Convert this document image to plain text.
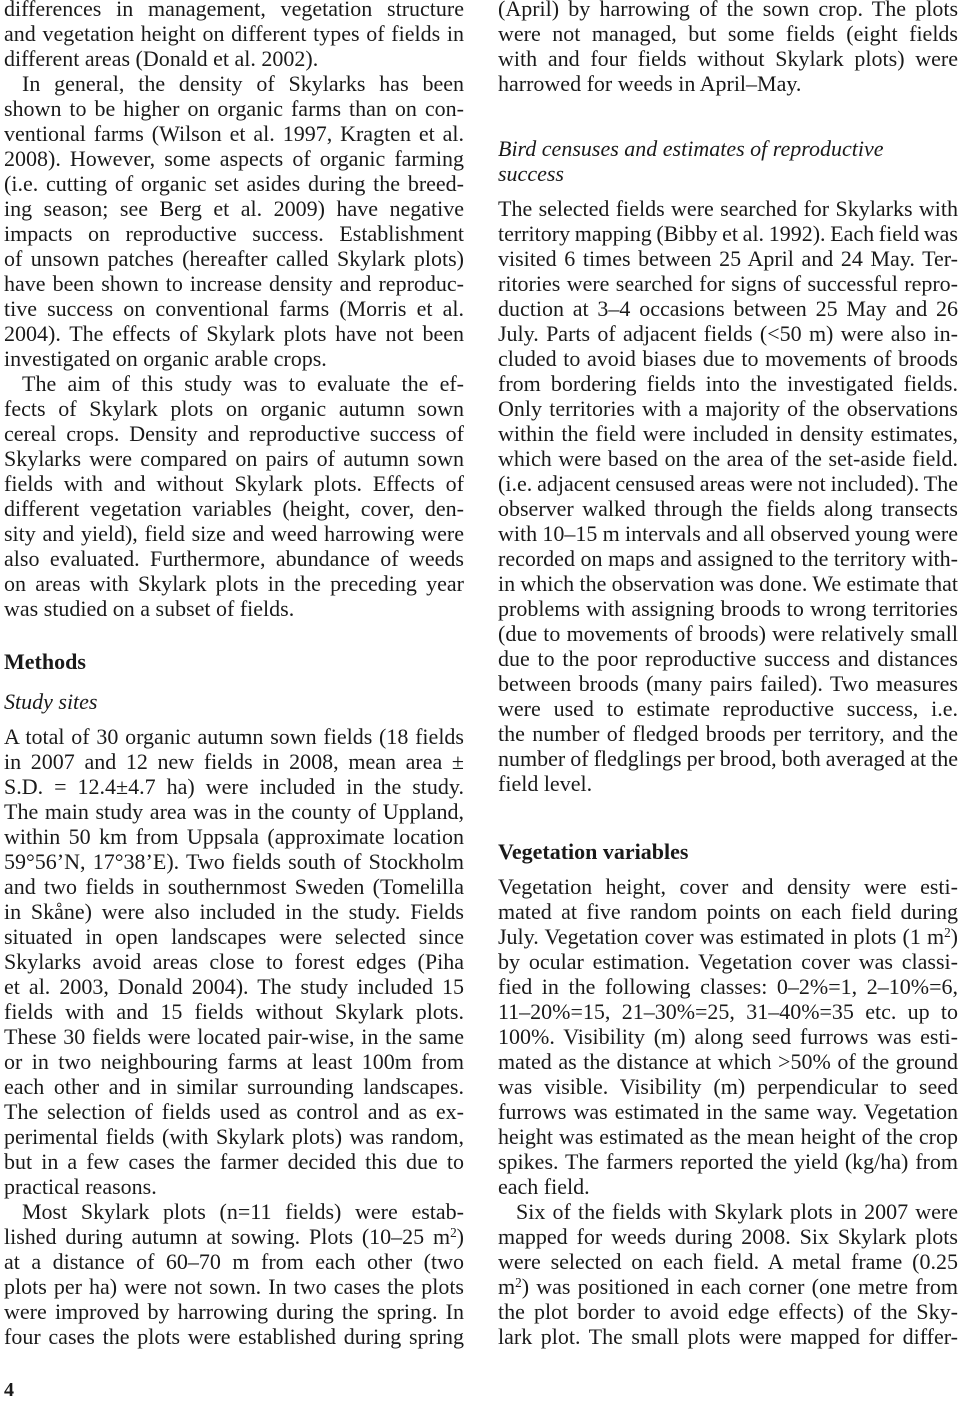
differences in management, vegetation structure
and vegetation height on different types of fields in
different areas (Donald et al. 2002).
In general, the density of Skylarks has been
shown to be higher on organic farms than on con-
ventional farms (Wilson et al. 1997, Kragten et al.
2008). However, some aspects of organic farming
(i.e. cutting of organic set asides during the breed-
ing season; see Berg et al. 2009) have negative
impacts on reproductive success. Establishment
of unsown patches (hereafter called Skylark plots)
have been shown to increase density and reproduc-
tive success on conventional farms (Morris et al.
2004). The effects of Skylark plots have not been
investigated on organic arable crops.
The aim of this study was to evaluate the ef-
fects of Skylark plots on organic autumn sown
cereal crops. Density and reproductive success of
Skylarks were compared on pairs of autumn sown
fields with and without Skylark plots. Effects of
different vegetation variables (height, cover, den-
sity and yield), field size and weed harrowing were
also evaluated. Furthermore, abundance of weeds
on areas with Skylark plots in the preceding year
was studied on a subset of fields.
Methods
Study sites
A total of 30 organic autumn sown fields (18 fields
in 2007 and 12 new fields in 2008, mean area ±
S.D. = 12.4±4.7 ha) were included in the study.
The main study area was in the county of Uppland,
within 50 km from Uppsala (approximate location
59°56’N, 17°38’E). Two fields south of Stockholm
and two fields in southernmost Sweden (Tomelilla
in Skåne) were also included in the study. Fields
situated in open landscapes were selected since
Skylarks avoid areas close to forest edges (Piha
et al. 2003, Donald 2004). The study included 15
fields with and 15 fields without Skylark plots.
These 30 fields were located pair-wise, in the same
or in two neighbouring farms at least 100m from
each other and in similar surrounding landscapes.
The selection of fields used as control and as ex-
perimental fields (with Skylark plots) was random,
but in a few cases the farmer decided this due to
practical reasons.
Most Skylark plots (n=11 fields) were estab-
lished during autumn at sowing. Plots (10–25 $m^2$)
at a distance of 60–70 m from each other (two
plots per ha) were not sown. In two cases the plots
were improved by harrowing during the spring. In
four cases the plots were established during spring
(April) by harrowing of the sown crop. The plots
were not managed, but some fields (eight fields
with and four fields without Skylark plots) were
harrowed for weeds in April–May.
Bird censuses and estimates of reproductive
success
The selected fields were searched for Skylarks with
territory mapping (Bibby et al. 1992). Each field was
visited 6 times between 25 April and 24 May. Ter-
ritories were searched for signs of successful repro-
duction at 3–4 occasions between 25 May and 26
July. Parts of adjacent fields (<50 m) were also in-
cluded to avoid biases due to movements of broods
from bordering fields into the investigated fields.
Only territories with a majority of the observations
within the field were included in density estimates,
which were based on the area of the set-aside field.
(i.e. adjacent censused areas were not included). The
observer walked through the fields along transects
with 10–15 m intervals and all observed young were
recorded on maps and assigned to the territory with-
in which the observation was done. We estimate that
problems with assigning broods to wrong territories
(due to movements of broods) were relatively small
due to the poor reproductive success and distances
between broods (many pairs failed). Two measures
were used to estimate reproductive success, i.e.
the number of fledged broods per territory, and the
number of fledglings per brood, both averaged at the
field level.
Vegetation variables
Vegetation height, cover and density were esti-
mated at five random points on each field during
July. Vegetation cover was estimated in plots (1 $m^2$)
by ocular estimation. Vegetation cover was classi-
fied in the following classes: 0–2%=1, 2–10%=6,
11–20%=15, 21–30%=25, 31–40%=35 etc. up to
100%. Visibility (m) along seed furrows was esti-
mated as the distance at which >50% of the ground
was visible. Visibility (m) perpendicular to seed
furrows was estimated in the same way. Vegetation
height was estimated as the mean height of the crop
spikes. The farmers reported the yield (kg/ha) from
each field.
Six of the fields with Skylark plots in 2007 were
mapped for weeds during 2008. Six Skylark plots
were selected on each field. A metal frame (0.25
$m^2$) was positioned in each corner (one metre from
the plot border to avoid edge effects) of the Sky-
lark plot. The small plots were mapped for differ-
4
